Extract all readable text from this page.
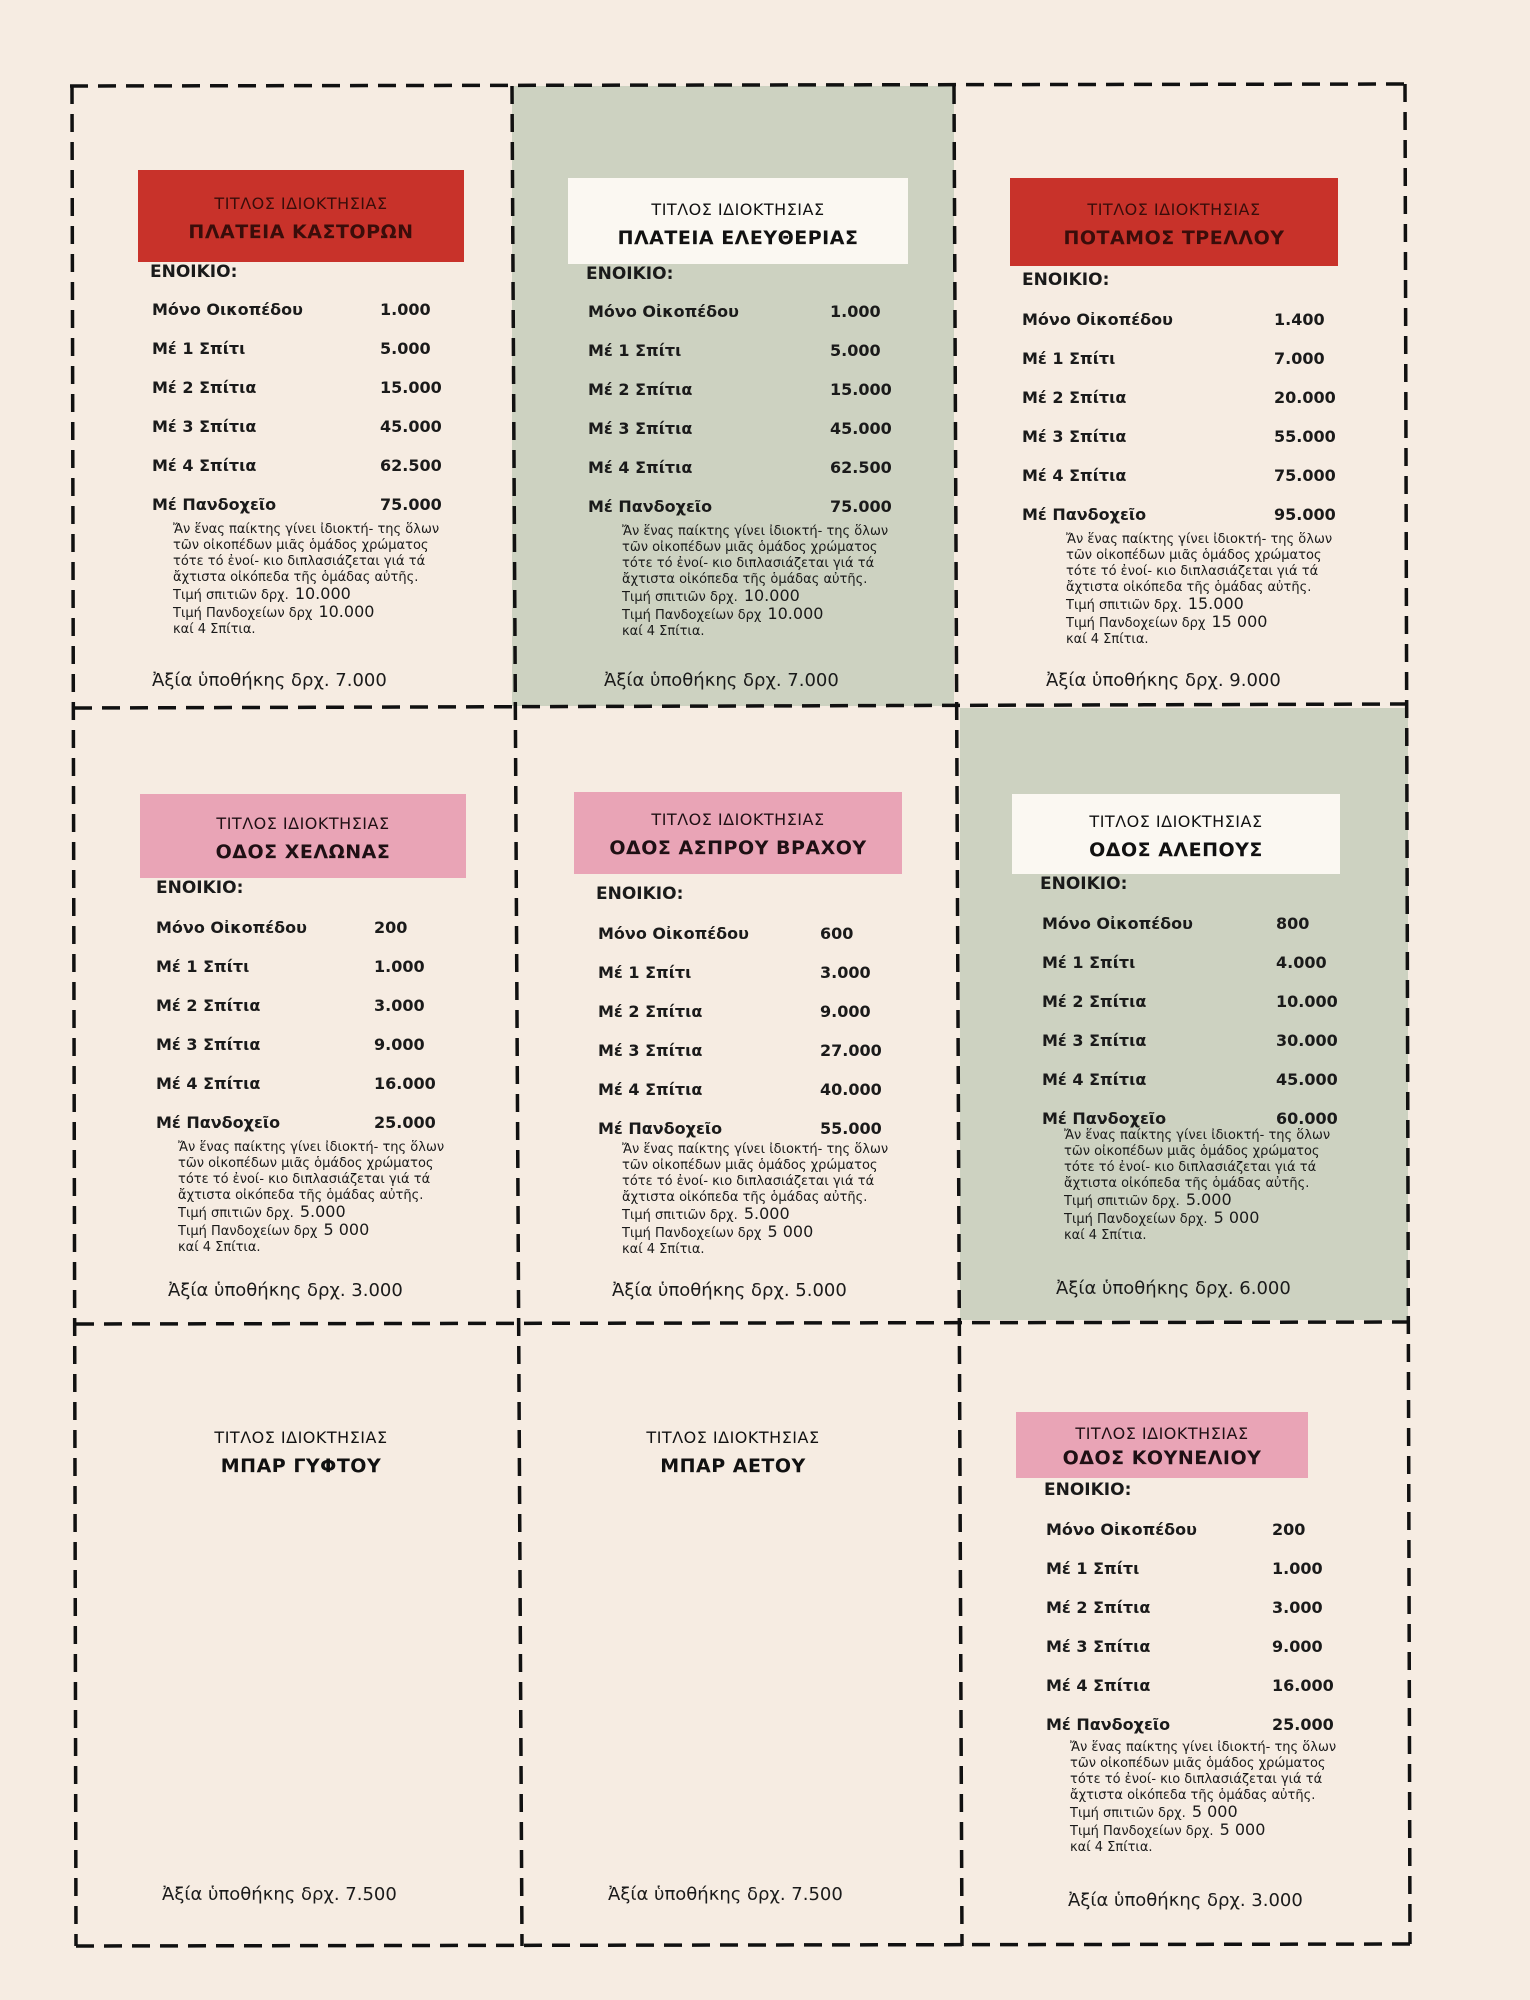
ΤΙΤΛΟΣ ΙΔΙΟΚΤΗΣΙΑΣ
ΠΛΑΤΕΙΑ ΚΑΣΤΟΡΩΝ
ΕΝΟΙΚΙΟ:
Μόνο Οικοπέδου	1.000
Μέ 1 Σπίτι	5.000
Μέ 2 Σπίτια	15.000
Μέ 3 Σπίτια	45.000
Μέ 4 Σπίτια	62.500
Μέ Πανδοχεῖο	75.000
Ἄν ἕνας παίκτης γίνει ἰδιοκτή- της ὅλων τῶν οἰκοπέδων μιᾶς ὁμάδος χρώματος τότε τό ἐνοί- κιο διπλασιάζεται γιά τά ἄχτιστα οἰκόπεδα τῆς ὁμάδας αὐτῆς.
Τιμή σπιτιῶν δρχ. 10.000
Τιμή Πανδοχείων δρχ 10.000
καί 4 Σπίτια.
Ἀξία ὑποθήκης δρχ. 7.000
ΤΙΤΛΟΣ ΙΔΙΟΚΤΗΣΙΑΣ
ΠΛΑΤΕΙΑ ΕΛΕΥΘΕΡΙΑΣ
ΕΝΟΙΚΙΟ:
Μόνο Οἰκοπέδου	1.000
Μέ 1 Σπίτι	5.000
Μέ 2 Σπίτια	15.000
Μέ 3 Σπίτια	45.000
Μέ 4 Σπίτια	62.500
Μέ Πανδοχεῖο	75.000
Ἄν ἕνας παίκτης γίνει ἰδιοκτή- της ὅλων τῶν οἰκοπέδων μιᾶς ὁμάδος χρώματος τότε τό ἐνοί- κιο διπλασιάζεται γιά τά ἄχτιστα οἰκόπεδα τῆς ὁμάδας αὐτῆς.
Τιμή σπιτιῶν δρχ. 10.000
Τιμή Πανδοχείων δρχ 10.000
καί 4 Σπίτια.
Ἀξία ὑποθήκης δρχ. 7.000
ΤΙΤΛΟΣ ΙΔΙΟΚΤΗΣΙΑΣ
ΠΟΤΑΜΟΣ ΤΡΕΛΛΟΥ
ΕΝΟΙΚΙΟ:
Μόνο Οἰκοπέδου	1.400
Μέ 1 Σπίτι	7.000
Μέ 2 Σπίτια	20.000
Μέ 3 Σπίτια	55.000
Μέ 4 Σπίτια	75.000
Μέ Πανδοχεῖο	95.000
Ἄν ἕνας παίκτης γίνει ἰδιοκτή- της ὅλων τῶν οἰκοπέδων μιᾶς ὁμάδος χρώματος τότε τό ἐνοί- κιο διπλασιάζεται γιά τά ἄχτιστα οἰκόπεδα τῆς ὁμάδας αὐτῆς.
Τιμή σπιτιῶν δρχ. 15.000
Τιμή Πανδοχείων δρχ 15 000
καί 4 Σπίτια.
Ἀξία ὑποθήκης δρχ. 9.000
ΤΙΤΛΟΣ ΙΔΙΟΚΤΗΣΙΑΣ
ΟΔΟΣ ΧΕΛΩΝΑΣ
ΕΝΟΙΚΙΟ:
Μόνο Οἰκοπέδου	200
Μέ 1 Σπίτι	1.000
Μέ 2 Σπίτια	3.000
Μέ 3 Σπίτια	9.000
Μέ 4 Σπίτια	16.000
Μέ Πανδοχεῖο	25.000
Ἄν ἕνας παίκτης γίνει ἰδιοκτή- της ὅλων τῶν οἰκοπέδων μιᾶς ὁμάδος χρώματος τότε τό ἐνοί- κιο διπλασιάζεται γιά τά ἄχτιστα οἰκόπεδα τῆς ὁμάδας αὐτῆς.
Τιμή σπιτιῶν δρχ. 5.000
Τιμή Πανδοχείων δρχ 5 000
καί 4 Σπίτια.
Ἀξία ὑποθήκης δρχ. 3.000
ΤΙΤΛΟΣ ΙΔΙΟΚΤΗΣΙΑΣ
ΟΔΟΣ ΑΣΠΡΟΥ ΒΡΑΧΟΥ
ΕΝΟΙΚΙΟ:
Μόνο Οἰκοπέδου	600
Μέ 1 Σπίτι	3.000
Μέ 2 Σπίτια	9.000
Μέ 3 Σπίτια	27.000
Μέ 4 Σπίτια	40.000
Μέ Πανδοχεῖο	55.000
Ἄν ἕνας παίκτης γίνει ἰδιοκτή- της ὅλων τῶν οἰκοπέδων μιᾶς ὁμάδος χρώματος τότε τό ἐνοί- κιο διπλασιάζεται γιά τά ἄχτιστα οἰκόπεδα τῆς ὁμάδας αὐτῆς.
Τιμή σπιτιῶν δρχ. 5.000
Τιμή Πανδοχείων δρχ 5 000
καί 4 Σπίτια.
Ἀξία ὑποθήκης δρχ. 5.000
ΤΙΤΛΟΣ ΙΔΙΟΚΤΗΣΙΑΣ
ΟΔΟΣ ΑΛΕΠΟΥΣ
ΕΝΟΙΚΙΟ:
Μόνο Οἰκοπέδου	800
Μέ 1 Σπίτι	4.000
Μέ 2 Σπίτια	10.000
Μέ 3 Σπίτια	30.000
Μέ 4 Σπίτια	45.000
Μέ Πανδοχεῖο	60.000
Ἄν ἕνας παίκτης γίνει ἰδιοκτή- της ὅλων τῶν οἰκοπέδων μιᾶς ὁμάδος χρώματος τότε τό ἐνοί- κιο διπλασιάζεται γιά τά ἄχτιστα οἰκόπεδα τῆς ὁμάδας αὐτῆς.
Τιμή σπιτιῶν δρχ. 5.000
Τιμή Πανδοχείων δρχ. 5 000
καί 4 Σπίτια.
Ἀξία ὑποθήκης δρχ. 6.000
ΤΙΤΛΟΣ ΙΔΙΟΚΤΗΣΙΑΣ
ΜΠΑΡ ΓΥΦΤΟΥ
Ἀξία ὑποθήκης δρχ. 7.500
ΤΙΤΛΟΣ ΙΔΙΟΚΤΗΣΙΑΣ
ΜΠΑΡ ΑΕΤΟΥ
Ἀξία ὑποθήκης δρχ. 7.500
ΤΙΤΛΟΣ ΙΔΙΟΚΤΗΣΙΑΣ
ΟΔΟΣ ΚΟΥΝΕΛΙΟΥ
ΕΝΟΙΚΙΟ:
Μόνο Οἰκοπέδου	200
Μέ 1 Σπίτι	1.000
Μέ 2 Σπίτια	3.000
Μέ 3 Σπίτια	9.000
Μέ 4 Σπίτια	16.000
Μέ Πανδοχεῖο	25.000
Ἄν ἕνας παίκτης γίνει ἰδιοκτή- της ὅλων τῶν οἰκοπέδων μιᾶς ὁμάδος χρώματος τότε τό ἐνοί- κιο διπλασιάζεται γιά τά ἄχτιστα οἰκόπεδα τῆς ὁμάδας αὐτῆς.
Τιμή σπιτιῶν δρχ. 5 000
Τιμή Πανδοχείων δρχ. 5 000
καί 4 Σπίτια.
Ἀξία ὑποθήκης δρχ. 3.000
